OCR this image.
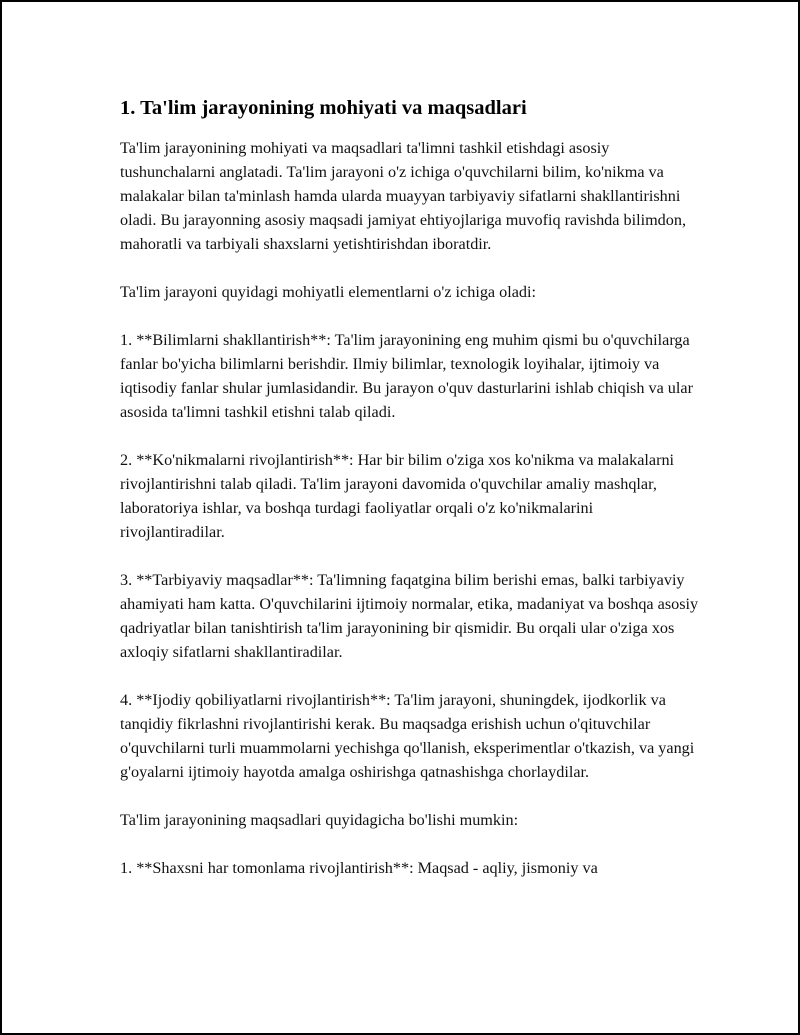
1. Ta'lim jarayonining mohiyati va maqsadlari

Ta'lim jarayonining mohiyati va maqsadlari ta'limni tashkil etishdagi asosiy tushunchalarni anglatadi. Ta'lim jarayoni o'z ichiga o'quvchilarni bilim, ko'nikma va malakalar bilan ta'minlash hamda ularda muayyan tarbiyaviy sifatlarni shakllantirishni oladi. Bu jarayonning asosiy maqsadi jamiyat ehtiyojlariga muvofiq ravishda bilimdon, mahoratli va tarbiyali shaxslarni yetishtirishdan iboratdir.

Ta'lim jarayoni quyidagi mohiyatli elementlarni o'z ichiga oladi:

1. **Bilimlarni shakllantirish**: Ta'lim jarayonining eng muhim qismi bu o'quvchilarga fanlar bo'yicha bilimlarni berishdir. Ilmiy bilimlar, texnologik loyihalar, ijtimoiy va iqtisodiy fanlar shular jumlasidandir. Bu jarayon o'quv dasturlarini ishlab chiqish va ular asosida ta'limni tashkil etishni talab qiladi.

2. **Ko'nikmalarni rivojlantirish**: Har bir bilim o'ziga xos ko'nikma va malakalarni rivojlantirishni talab qiladi. Ta'lim jarayoni davomida o'quvchilar amaliy mashqlar, laboratoriya ishlar, va boshqa turdagi faoliyatlar orqali o'z ko'nikmalarini rivojlantiradilar.

3. **Tarbiyaviy maqsadlar**: Ta'limning faqatgina bilim berishi emas, balki tarbiyaviy ahamiyati ham katta. O'quvchilarini ijtimoiy normalar, etika, madaniyat va boshqa asosiy qadriyatlar bilan tanishtirish ta'lim jarayonining bir qismidir. Bu orqali ular o'ziga xos axloqiy sifatlarni shakllantiradilar.

4. **Ijodiy qobiliyatlarni rivojlantirish**: Ta'lim jarayoni, shuningdek, ijodkorlik va tanqidiy fikrlashni rivojlantirishi kerak. Bu maqsadga erishish uchun o'qituvchilar o'quvchilarni turli muammolarni yechishga qo'llanish, eksperimentlar o'tkazish, va yangi g'oyalarni ijtimoiy hayotda amalga oshirishga qatnashishga chorlaydilar.

Ta'lim jarayonining maqsadlari quyidagicha bo'lishi mumkin:

1. **Shaxsni har tomonlama rivojlantirish**: Maqsad - aqliy, jismoniy va
